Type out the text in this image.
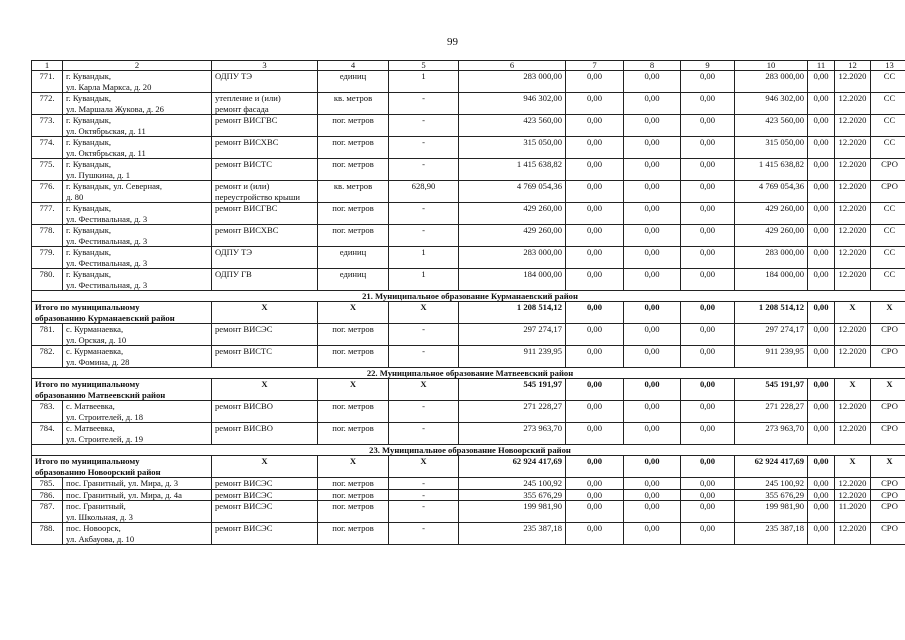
99
1	2	3	4	5	6	7	8	9	10	11	12	13
771.	г. Кувандык,
ул. Карла Маркса, д. 20	ОДПУ ТЭ	единиц	1	283 000,00	0,00	0,00	0,00	283 000,00	0,00	12.2020	СС
772.	г. Кувандык,
ул. Маршала Жукова, д. 26	утепление и (или)
ремонт фасада	кв. метров	-	946 302,00	0,00	0,00	0,00	946 302,00	0,00	12.2020	СС
773.	г. Кувандык,
ул. Октябрьская, д. 11	ремонт ВИСГВС	пог. метров	-	423 560,00	0,00	0,00	0,00	423 560,00	0,00	12.2020	СС
774.	г. Кувандык,
ул. Октябрьская, д. 11	ремонт ВИСХВС	пог. метров	-	315 050,00	0,00	0,00	0,00	315 050,00	0,00	12.2020	СС
775.	г. Кувандык,
ул. Пушкина, д. 1	ремонт ВИСТС	пог. метров	-	1 415 638,82	0,00	0,00	0,00	1 415 638,82	0,00	12.2020	СРО
776.	г. Кувандык, ул. Северная,
д. 80	ремонт и (или)
переустройство крыши	кв. метров	628,90	4 769 054,36	0,00	0,00	0,00	4 769 054,36	0,00	12.2020	СРО
777.	г. Кувандык,
ул. Фестивальная, д. 3	ремонт ВИСГВС	пог. метров	-	429 260,00	0,00	0,00	0,00	429 260,00	0,00	12.2020	СС
778.	г. Кувандык,
ул. Фестивальная, д. 3	ремонт ВИСХВС	пог. метров	-	429 260,00	0,00	0,00	0,00	429 260,00	0,00	12.2020	СС
779.	г. Кувандык,
ул. Фестивальная, д. 3	ОДПУ ТЭ	единиц	1	283 000,00	0,00	0,00	0,00	283 000,00	0,00	12.2020	СС
780.	г. Кувандык,
ул. Фестивальная, д. 3	ОДПУ ГВ	единиц	1	184 000,00	0,00	0,00	0,00	184 000,00	0,00	12.2020	СС
21. Муниципальное образование Курманаевский район												
Итого по муниципальному
образованию Курманаевский район		X	X	X	1 208 514,12	0,00	0,00	0,00	1 208 514,12	0,00	X	X
781.	с. Курманаевка,
ул. Орская, д. 10	ремонт ВИСЭС	пог. метров	-	297 274,17	0,00	0,00	0,00	297 274,17	0,00	12.2020	СРО
782.	с. Курманаевка,
ул. Фомина, д. 28	ремонт ВИСТС	пог. метров	-	911 239,95	0,00	0,00	0,00	911 239,95	0,00	12.2020	СРО
22. Муниципальное образование Матвеевский район												
Итого по муниципальному
образованию Матвеевский район		X	X	X	545 191,97	0,00	0,00	0,00	545 191,97	0,00	X	X
783.	с. Матвеевка,
ул. Строителей, д. 18	ремонт ВИСВО	пог. метров	-	271 228,27	0,00	0,00	0,00	271 228,27	0,00	12.2020	СРО
784.	с. Матвеевка,
ул. Строителей, д. 19	ремонт ВИСВО	пог. метров	-	273 963,70	0,00	0,00	0,00	273 963,70	0,00	12.2020	СРО
23. Муниципальное образование Новоорский район												
Итого по муниципальному
образованию Новоорский район		X	X	X	62 924 417,69	0,00	0,00	0,00	62 924 417,69	0,00	X	X
785.	пос. Гранитный, ул. Мира, д. 3	ремонт ВИСЭС	пог. метров	-	245 100,92	0,00	0,00	0,00	245 100,92	0,00	12.2020	СРО
786.	пос. Гранитный, ул. Мира, д. 4а	ремонт ВИСЭС	пог. метров	-	355 676,29	0,00	0,00	0,00	355 676,29	0,00	12.2020	СРО
787.	пос. Гранитный,
ул. Школьная, д. 3	ремонт ВИСЭС	пог. метров	-	199 981,90	0,00	0,00	0,00	199 981,90	0,00	11.2020	СРО
788.	пос. Новоорск,
ул. Акбауова, д. 10	ремонт ВИСЭС	пог. метров	-	235 387,18	0,00	0,00	0,00	235 387,18	0,00	12.2020	СРО
